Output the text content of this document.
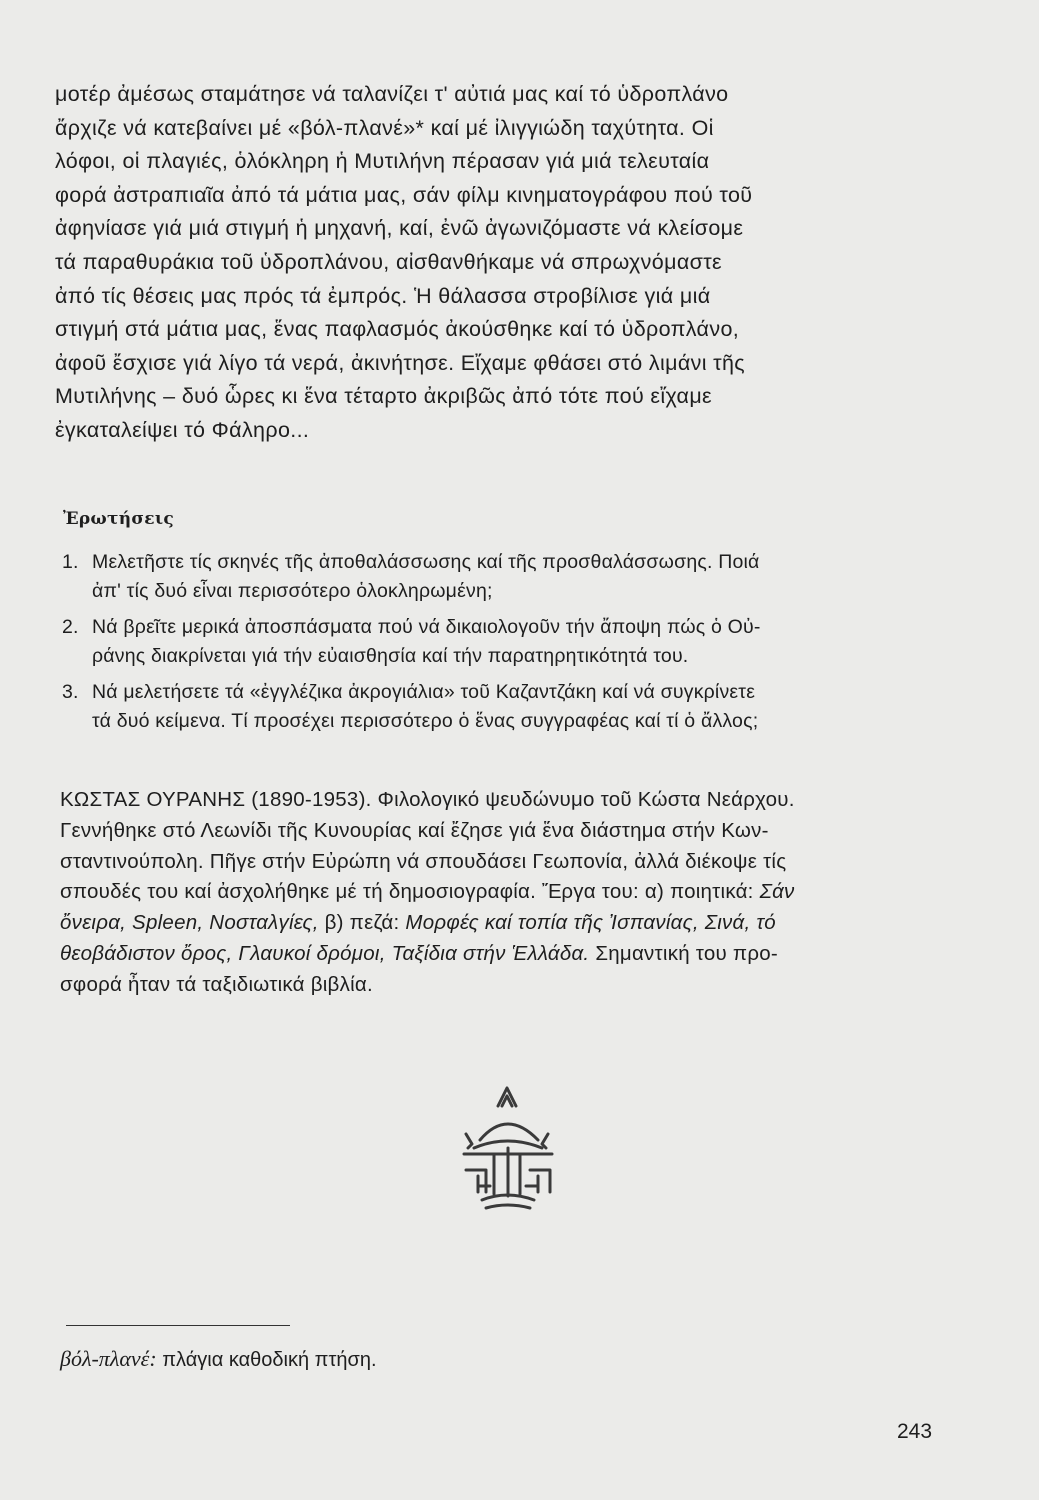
μοτέρ ἀμέσως σταμάτησε νά ταλανίζει τ' αὐτιά μας καί τό ὑδροπλάνο
ἄρχιζε νά κατεβαίνει μέ «βόλ-πλανέ»* καί μέ ἰλιγγιώδη ταχύτητα. Οἱ
λόφοι, οἱ πλαγιές, ὁλόκληρη ἡ Μυτιλήνη πέρασαν γιά μιά τελευταία
φορά ἀστραπιαῖα ἀπό τά μάτια μας, σάν φίλμ κινηματογράφου πού τοῦ
ἀφηνίασε γιά μιά στιγμή ἡ μηχανή, καί, ἐνῶ ἀγωνιζόμαστε νά κλείσομε
τά παραθυράκια τοῦ ὑδροπλάνου, αἰσθανθήκαμε νά σπρωχνόμαστε
ἀπό τίς θέσεις μας πρός τά ἐμπρός. Ἡ θάλασσα στροβίλισε γιά μιά
στιγμή στά μάτια μας, ἕνας παφλασμός ἀκούσθηκε καί τό ὑδροπλάνο,
ἀφοῦ ἔσχισε γιά λίγο τά νερά, ἀκινήτησε. Εἴχαμε φθάσει στό λιμάνι τῆς
Μυτιλήνης – δυό ὧρες κι ἕνα τέταρτο ἀκριβῶς ἀπό τότε πού εἴχαμε
ἐγκαταλείψει τό Φάληρο...
Ἐρωτήσεις
1. Μελετῆστε τίς σκηνές τῆς ἀποθαλάσσωσης καί τῆς προσθαλάσσωσης. Ποιά
ἀπ' τίς δυό εἶναι περισσότερο ὁλοκληρωμένη;
2. Νά βρεῖτε μερικά ἀποσπάσματα πού νά δικαιολογοῦν τήν ἄποψη πώς ὁ Οὐ-
ράνης διακρίνεται γιά τήν εὐαισθησία καί τήν παρατηρητικότητά του.
3. Νά μελετήσετε τά «ἐγγλέζικα ἀκρογιάλια» τοῦ Καζαντζάκη καί νά συγκρίνετε
τά δυό κείμενα. Τί προσέχει περισσότερο ὁ ἕνας συγγραφέας καί τί ὁ ἄλλος;
ΚΩΣΤΑΣ ΟΥΡΑΝΗΣ (1890-1953). Φιλολογικό ψευδώνυμο τοῦ Κώστα Νεάρχου.
Γεννήθηκε στό Λεωνίδι τῆς Κυνουρίας καί ἔζησε γιά ἕνα διάστημα στήν Κων-
σταντινούπολη. Πῆγε στήν Εὐρώπη νά σπουδάσει Γεωπονία, ἀλλά διέκοψε τίς
σπουδές του καί ἀσχολήθηκε μέ τή δημοσιογραφία. Ἔργα του: α) ποιητικά: Σάν
ὄνειρα, Spleen, Νοσταλγίες, β) πεζά: Μορφές καί τοπία τῆς Ἰσπανίας, Σινά, τό
θεοβάδιστον ὄρος, Γλαυκοί δρόμοι, Ταξίδια στήν Ἑλλάδα. Σημαντική του προ-
σφορά ἦταν τά ταξιδιωτικά βιβλία.
βόλ-πλανέ: πλάγια καθοδική πτήση.
243
